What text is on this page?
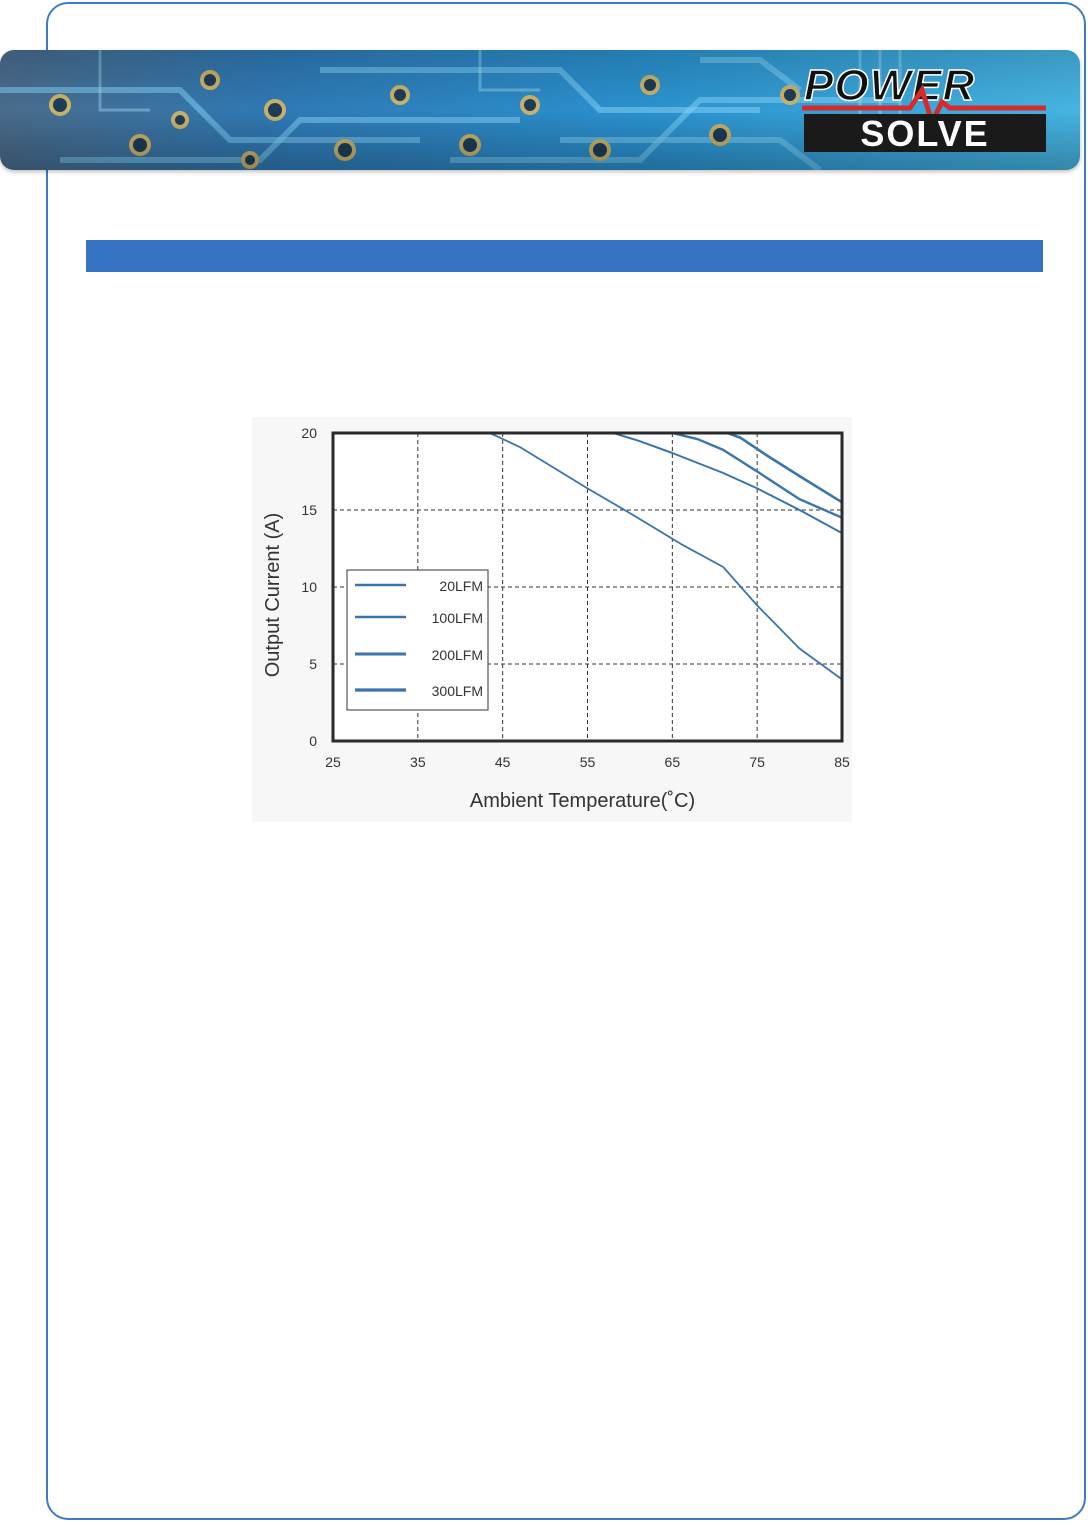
POWER
SOLVE
25	35	45	55	65	75	85
0
5
10
15
20
Ambient Temperature(˚C)
Output Current (A)	20LFM
100LFM
200LFM
300LFM
